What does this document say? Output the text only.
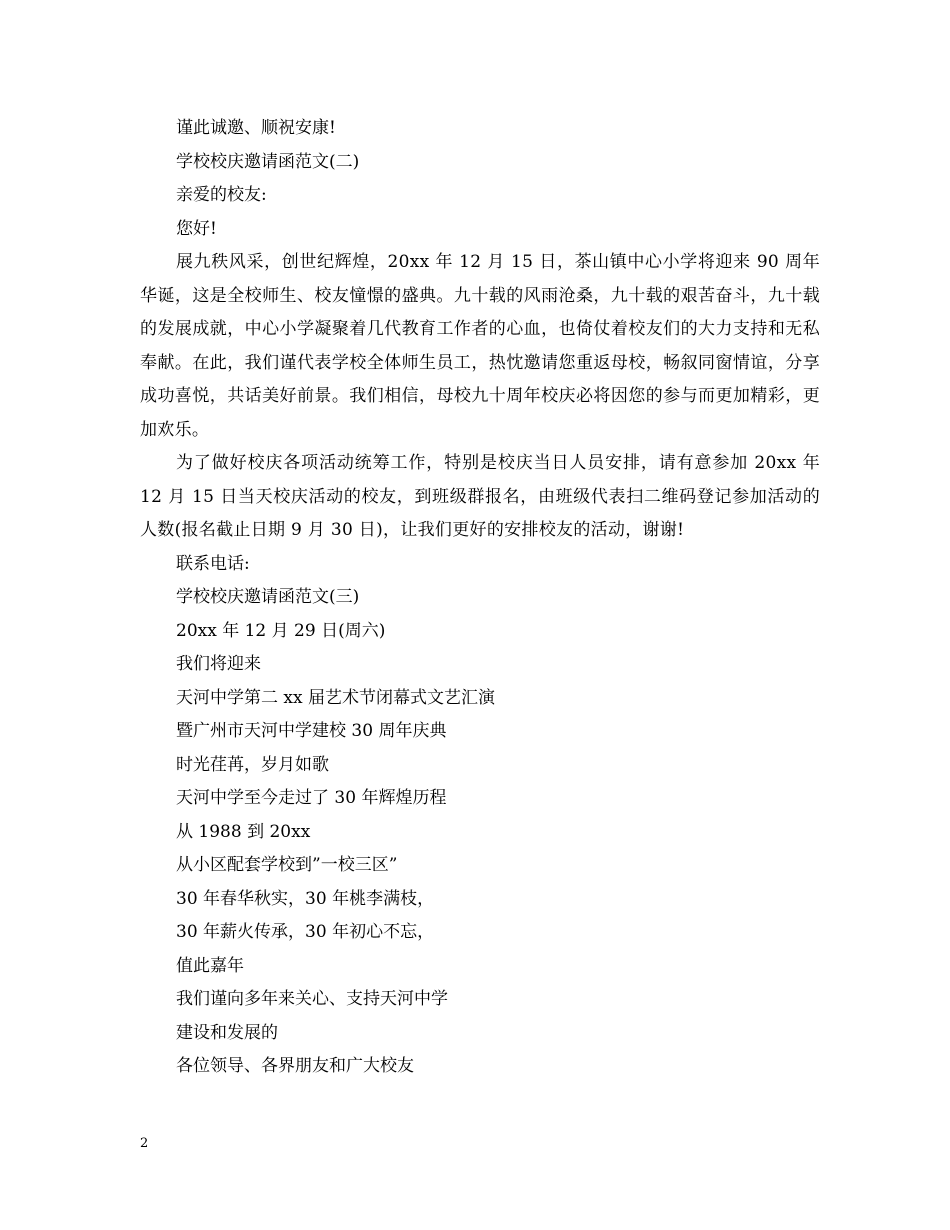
谨此诚邀、顺祝安康!
学校校庆邀请函范文(二)
亲爱的校友:
您好!
展九秩风采，创世纪辉煌，20xx 年 12 月 15 日，茶山镇中心小学将迎来 90 周年华诞，这是全校师生、校友憧憬的盛典。九十载的风雨沧桑，九十载的艰苦奋斗，九十载的发展成就，中心小学凝聚着几代教育工作者的心血，也倚仗着校友们的大力支持和无私奉献。在此，我们谨代表学校全体师生员工，热忱邀请您重返母校，畅叙同窗情谊，分享成功喜悦，共话美好前景。我们相信，母校九十周年校庆必将因您的参与而更加精彩，更加欢乐。
为了做好校庆各项活动统筹工作，特别是校庆当日人员安排，请有意参加 20xx 年 12 月 15 日当天校庆活动的校友，到班级群报名，由班级代表扫二维码登记参加活动的人数(报名截止日期 9 月 30 日)，让我们更好的安排校友的活动，谢谢!
联系电话:
学校校庆邀请函范文(三)
20xx 年 12 月 29 日(周六)
我们将迎来
天河中学第二 xx 届艺术节闭幕式文艺汇演
暨广州市天河中学建校 30 周年庆典
时光荏苒，岁月如歌
天河中学至今走过了 30 年辉煌历程
从 1988 到 20xx
从小区配套学校到”一校三区”
30 年春华秋实，30 年桃李满枝，
30 年薪火传承，30 年初心不忘，
值此嘉年
我们谨向多年来关心、支持天河中学
建设和发展的
各位领导、各界朋友和广大校友
2
